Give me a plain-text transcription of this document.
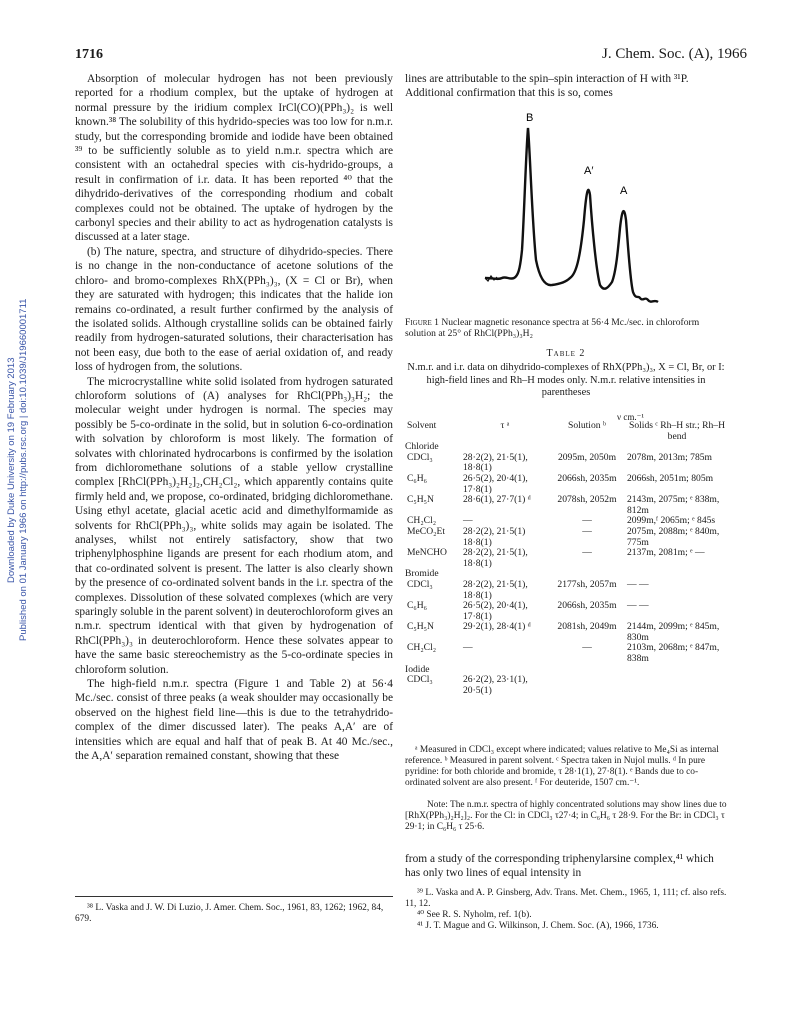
1716	J. Chem. Soc. (A), 1966
Downloaded by Duke University on 19 February 2013 Published on 01 January 1966 on http://pubs.rsc.org | doi:10.1039/J19660001711

Absorption of molecular hydrogen has not been previously reported for a rhodium complex, but the uptake of hydrogen at normal pressure by the iridium complex IrCl(CO)(PPh₃)₂ is well known.³⁸ The solubility of this hydrido-species was too low for n.m.r. study, but the corresponding bromide and iodide have been obtained ³⁹ to be sufficiently soluble as to yield n.m.r. spectra which are consistent with an octahedral species with cis-hydrido-groups, a result in confirmation of i.r. data. It has been reported ⁴⁰ that the dihydrido-derivatives of the corresponding rhodium and cobalt complexes could not be obtained. The uptake of hydrogen by the carbonyl species and their ability to act as hydrogenation catalysts is discussed at a later stage.

(b) The nature, spectra, and structure of dihydrido-species. There is no change in the non-conductance of acetone solutions of the chloro- and bromo-complexes RhX(PPh₃)₃, (X = Cl or Br), when they are saturated with hydrogen; this indicates that the halide ion remains co-ordinated, a result further confirmed by the analysis of the isolated solids. Although crystalline solids can be obtained fairly readily from hydrogen-saturated solutions, their characterisation has not been easy, due both to the ease of aerial oxidation of, and ready loss of hydrogen from, the solutions.

The microcrystalline white solid isolated from hydrogen saturated chloroform solutions of (A) analyses for RhCl(PPh₃)₃H₂; the molecular weight under hydrogen is normal. The species may possibly be 5-co-ordinate in the solid, but in solution 6-co-ordination with solvation by chloroform is most likely. The formation of solvates with chlorinated hydrocarbons is confirmed by the isolation from dichloromethane solutions of a stable yellow crystalline complex [RhCl(PPh₃)₂H₂]₂,CH₂Cl₂, which apparently contains quite firmly held and, we propose, co-ordinated, bridging dichloromethane. Using ethyl acetate, glacial acetic acid and dimethylformamide as solvents for RhCl(PPh₃)₃, white solids may again be isolated. The analyses, whilst not entirely satisfactory, show that two triphenylphosphine ligands are present for each rhodium atom, and that co-ordinated solvent is present. The latter is also clearly shown by the presence of co-ordinated solvent bands in the i.r. spectra of the complexes. Dissolution of these solvated complexes (which are very sparingly soluble in the parent solvent) in deuterochloroform gives an n.m.r. spectrum identical with that given by hydrogenation of RhCl(PPh₃)₃ in deuterochloroform. Hence these solvates appear to have the same basic stereochemistry as the 5-co-ordinate species in chloroform solution.

The high-field n.m.r. spectra (Figure 1 and Table 2) at 56·4 Mc./sec. consist of three peaks (a weak shoulder may occasionally be observed on the highest field line—this is due to the tetrahydrido-complex of the dimer discussed later). The peaks A,A′ are of intensities which are equal and half that of peak B. At 40 Mc./sec., the A,A′ separation remained constant, showing that these

³⁸ L. Vaska and J. W. Di Luzio, J. Amer. Chem. Soc., 1961, 83, 1262; 1962, 84, 679.

lines are attributable to the spin–spin interaction of H with ³¹P. Additional confirmation that this is so, comes

B
A′
A
Figure 1 Nuclear magnetic resonance spectra at 56·4 Mc./sec. in chloroform solution at 25° of RhCl(PPh₃)₃H₂
Table 2
N.m.r. and i.r. data on dihydrido-complexes of RhX(PPh₃)₃, X = Cl, Br, or I: high-field lines and Rh–H modes only. N.m.r. relative intensities in parentheses
ν cm.⁻¹
Solvent	τ ᵃ	Solution ᵇ	Solids ᶜ Rh–H str.; Rh–H bend
Chloride			
CDCl₃	28·2(2), 21·5(1), 18·8(1)	2095m, 2050m	2078m, 2013m; 785m
C₆H₆	26·5(2), 20·4(1), 17·8(1)	2066sh, 2035m	2066sh, 2051m; 805m
C₅H₅N	28·6(1), 27·7(1) ᵈ	2078sh, 2052m	2143m, 2075m; ᵉ 838m, 812m
CH₂Cl₂	—	—	2099m,ᶠ 2065m; ᵉ 845s
MeCO₂Et	28·2(2), 21·5(1) 18·8(1)	—	2075m, 2088m; ᵉ 840m, 775m
MeNCHO	28·2(2), 21·5(1), 18·8(1)	—	2137m, 2081m; ᵉ —
Bromide			
CDCl₃	28·2(2), 21·5(1), 18·8(1)	2177sh, 2057m	— —
C₆H₆	26·5(2), 20·4(1), 17·8(1)	2066sh, 2035m	— —
C₅H₅N	29·2(1), 28·4(1) ᵈ	2081sh, 2049m	2144m, 2099m; ᵉ 845m, 830m
CH₂Cl₂	—	—	2103m, 2068m; ᵉ 847m, 838m
Iodide			
CDCl₃	26·2(2), 23·1(1), 20·5(1)		

ᵃ Measured in CDCl₃ except where indicated; values relative to Me₄Si as internal reference. ᵇ Measured in parent solvent. ᶜ Spectra taken in Nujol mulls. ᵈ In pure pyridine: for both chloride and bromide, τ 28·1(1), 27·8(1). ᵉ Bands due to co-ordinated solvent are also present. ᶠ For deuteride, 1507 cm.⁻¹.

Note: The n.m.r. spectra of highly concentrated solutions may show lines due to [RhX(PPh₃)₂H₂]₂. For the Cl: in CDCl₃ τ27·4; in C₆H₆ τ 28·9. For the Br: in CDCl₃ τ 29·1; in C₆H₆ τ 25·6.

from a study of the corresponding triphenylarsine complex,⁴¹ which has only two lines of equal intensity in

³⁹ L. Vaska and A. P. Ginsberg, Adv. Trans. Met. Chem., 1965, 1, 111; cf. also refs. 11, 12.

⁴⁰ See R. S. Nyholm, ref. 1(b).

⁴¹ J. T. Mague and G. Wilkinson, J. Chem. Soc. (A), 1966, 1736.
